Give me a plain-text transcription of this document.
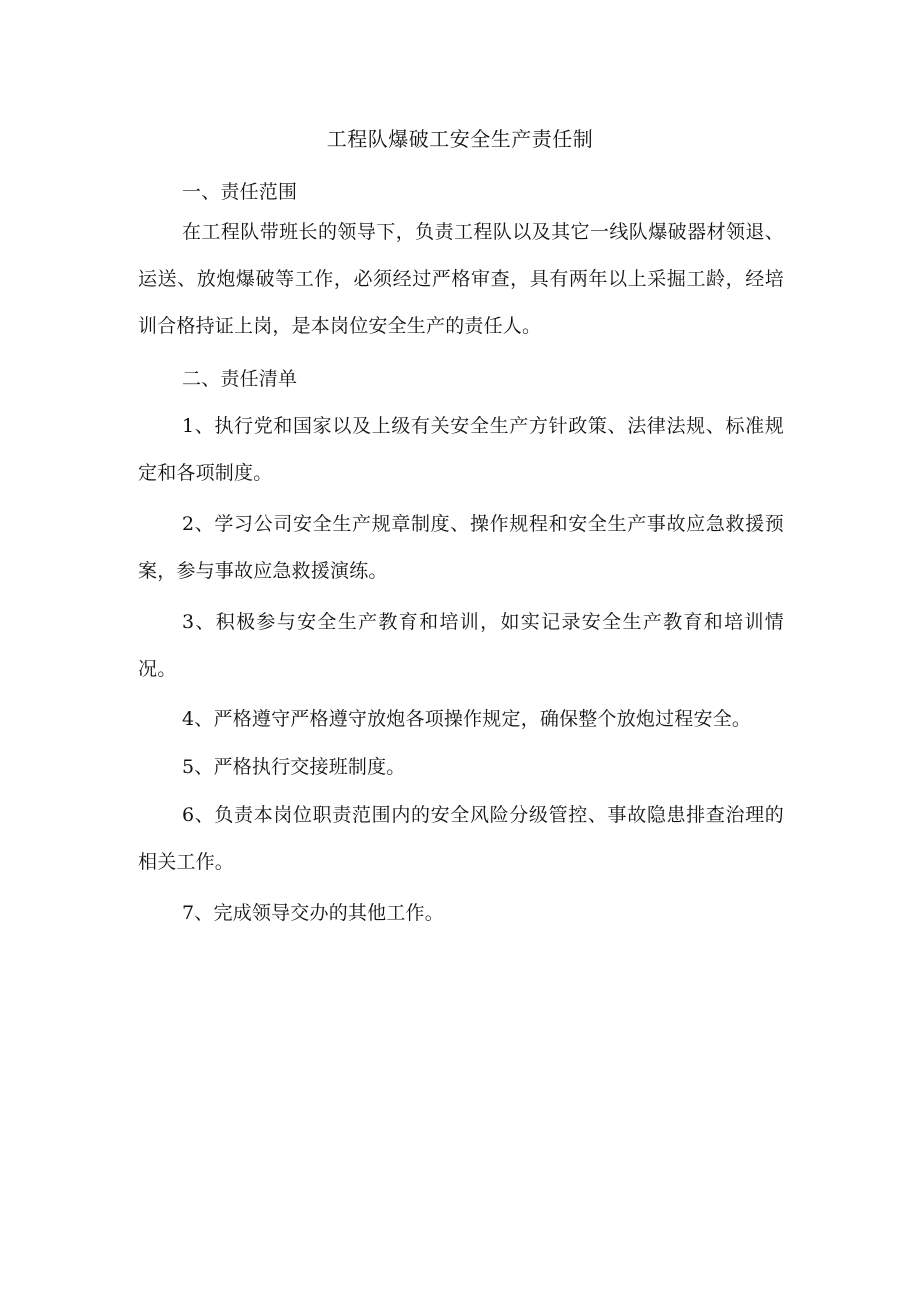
工程队爆破工安全生产责任制

一、责任范围

在工程队带班长的领导下，负责工程队以及其它一线队爆破器材领退、运送、放炮爆破等工作，必须经过严格审查，具有两年以上采掘工龄，经培训合格持证上岗，是本岗位安全生产的责任人。

二、责任清单

1、执行党和国家以及上级有关安全生产方针政策、法律法规、标准规定和各项制度。

2、学习公司安全生产规章制度、操作规程和安全生产事故应急救援预案，参与事故应急救援演练。

3、积极参与安全生产教育和培训，如实记录安全生产教育和培训情况。

4、严格遵守严格遵守放炮各项操作规定，确保整个放炮过程安全。

5、严格执行交接班制度。

6、负责本岗位职责范围内的安全风险分级管控、事故隐患排查治理的相关工作。

7、完成领导交办的其他工作。
